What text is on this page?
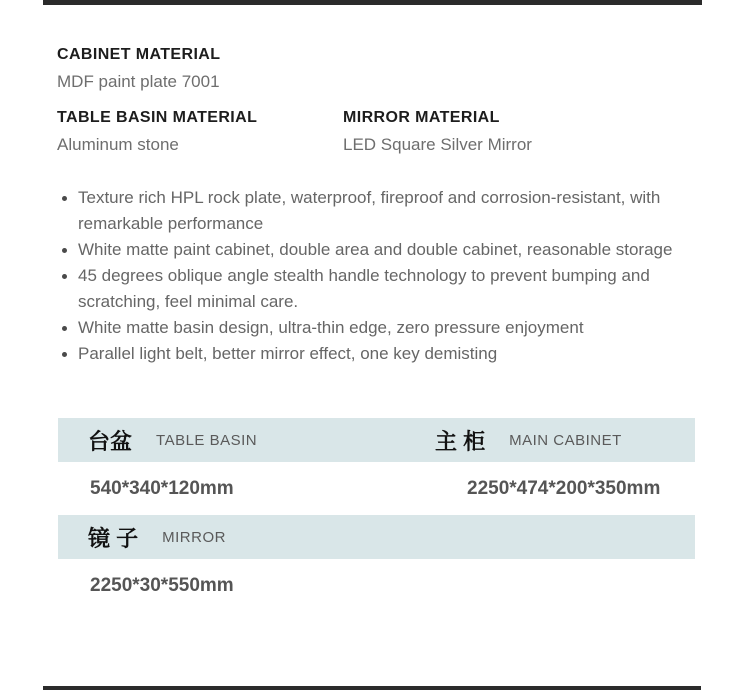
CABINET MATERIAL

MDF paint plate 7001

TABLE BASIN MATERIAL

Aluminum stone

MIRROR MATERIAL

LED Square Silver Mirror

Texture rich HPL rock plate, waterproof, fireproof and corrosion-resistant, with remarkable performance
White matte paint cabinet, double area and double cabinet, reasonable storage
45 degrees oblique angle stealth handle technology to prevent bumping and scratching, feel minimal care.
White matte basin design, ultra-thin edge, zero pressure enjoyment
Parallel light belt, better mirror effect, one key demisting
台盆 TABLE BASIN	主 柜 MAIN CABINET
540*340*120mm	2250*474*200*350mm
镜 子 MIRROR
2250*30*550mm
